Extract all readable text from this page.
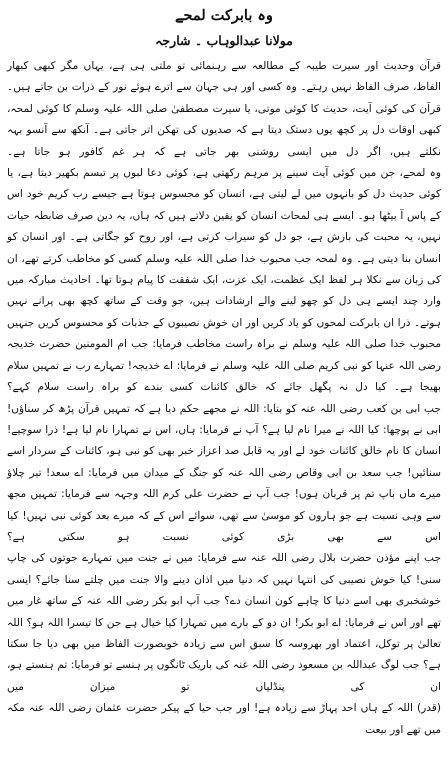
وہ بابرکت لمحے
مولانا عبدالوہاب ۔ شارجہ

قرآن وحدیث اور سیرت طیبہ کے مطالعہ سے رہنمائی تو ملتی ہی ہے، یہاں مگر کبھی کبھار الفاظ، صرف الفاظ نہیں رہتے۔ وہ کسی اور ہی جہان سے اترے ہوئے نور کے ذرات بن جاتے ہیں۔ قرآن کی کوئی آیت، حدیث کا کوئی موتی، یا سیرت مصطفیٰ صلی اللہ علیہ وسلم کا کوئی لمحہ، کبھی اوقات دل پر کچھ یوں دستک دیتا ہے کہ صدیوں کی تھکن اتر جاتی ہے۔ آنکھ سے آنسو بہہ نکلتے ہیں، اگر دل میں ایسی روشنی بھر جاتی ہے کہ ہر غم کافور ہو جاتا ہے۔

وہ لمحے، جن میں کوئی آیت سینے پر مرہم رکھتی ہے، کوئی دعا لبوں پر تبسم بکھیر دیتا ہے، یا کوئی حدیث دل کو بانہوں میں لے لیتی ہے، انسان کو محسوس ہوتا ہے جیسے رب کریم خود اس کے پاس آ بیٹھا ہو۔ ایسے ہی لمحات انسان کو یقین دلاتے ہیں کہ ہاں، یہ دین صرف ضابطہ حیات نہیں، یہ محبت کی بارش ہے، جو دل کو سیراب کرتی ہے، اور روح کو جگاتی ہے۔ اور انسان کو انسان بنا دیتی ہے۔ وہ لمحہ جب محبوب خدا صلی اللہ علیہ وسلم کسی کو مخاطب کرتے تھے، ان کی زبان سے نکلا ہر لفظ ایک عظمت، ایک عزت، ایک شفقت کا پیام ہوتا تھا۔ احادیث مبارکہ میں وارد چند ایسے ہی دل کو چھو لینے والے ارشادات ہیں، جو وقت کے ساتھ کچھ بھی پرانے نہیں ہوتے۔ ذرا ان بابرکت لمحوں کو یاد کریں اور ان خوش نصیبوں کے جذبات کو محسوس کریں جنہیں محبوب خدا صلی اللہ علیہ وسلم نے براہ راست مخاطب فرمایا: جب ام المومنین حضرت خدیجہ رضی اللہ عنہا کو نبی کریم صلی اللہ علیہ وسلم نے فرمایا: اے خدیجہ! تمہارے رب نے تمہیں سلام بھیجا ہے۔ کیا دل نہ پگھل جائے کہ خالق کائنات کسی بندے کو براہ راست سلام کہے؟

جب ابی بن کعب رضی اللہ عنہ کو بتایا: اللہ نے مجھے حکم دیا ہے کہ تمہیں قرآن پڑھ کر سناؤں! ابی نے پوچھا: کیا اللہ نے میرا نام لیا ہے؟ آپ نے فرمایا: ہاں، اس نے تمہارا نام لیا ہے! ذرا سوچیے! انسان کا نام خالق کائنات خود لے اور یہ قابل صد اعزاز خبر بھی کو نبی ہو، کائنات کے سردار اسے سنائیں! جب سعد بن ابی وقاص رضی اللہ عنہ کو جنگ کے میدان میں فرمایا: اے سعد! تیر چلاؤ میرے ماں باپ تم پر قربان ہوں! جب آپ نے حضرت علی کرم اللہ وجہہ سے فرمایا: تمہیں مجھ سے وہی نسبت ہے جو ہارون کو موسیٰ سے تھی، سوائے اس کے کہ میرے بعد کوئی نبی نہیں! کیا اس سے بھی بڑی کوئی نسبت ہو سکتی ہے؟

جب اپنے مؤذن حضرت بلال رضی اللہ عنہ سے فرمایا: میں نے جنت میں تمہارے جوتوں کی چاپ سنی! کیا خوش نصیبی کی انتہا نہیں کہ دنیا میں اذان دینے والا جنت میں چلتے سنا جائے؟ ایسی خوشخبری بھی اسے دنیا کا چاہے کون انسان دے؟ جب آپ ابو بکر رضی اللہ عنہ کے ساتھ غار میں تھے اور اس نے فرمایا: اے ابو بکر! ان دو کے بارے میں تمہارا کیا خیال ہے جن کا تیسرا اللہ ہو؟ اللہ تعالیٰ پر توکل، اعتماد اور بھروسہ کا سبق اس سے زیادہ خوبصورت الفاظ میں بھی دیا جا سکتا ہے؟ جب لوگ عبداللہ بن مسعود رضی اللہ عنہ کی باریک ٹانگوں پر ہنسے تو فرمایا: تم ہنستے ہو، ان کی پنڈلیاں تو میزان میں

(قدر) اللہ کے ہاں احد پہاڑ سے زیادہ ہے! اور جب حیا کے پیکر حضرت عثمان رضی اللہ عنہ مکہ میں تھے اور بیعت
